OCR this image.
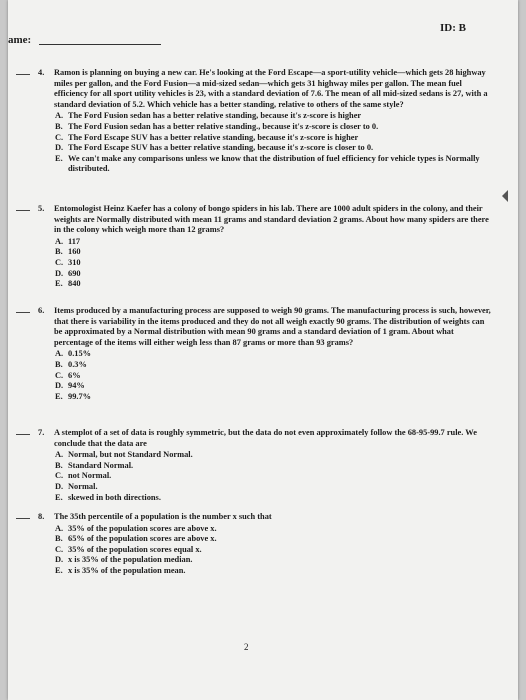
ame:
ID: B
4. Ramon is planning on buying a new car. He's looking at the Ford Escape—a sport-utility vehicle—which gets 28 highway miles per gallon, and the Ford Fusion—a mid-sized sedan—which gets 31 highway miles per gallon. The mean fuel efficiency for all sport utility vehicles is 23, with a standard deviation of 7.6. The mean of all mid-sized sedans is 27, with a standard deviation of 5.2. Which vehicle has a better standing, relative to others of the same style?
A. The Ford Fusion sedan has a better relative standing, because it's z-score is higher
B. The Ford Fusion sedan has a better relative standing., because it's z-score is closer to 0.
C. The Ford Escape SUV has a better relative standing, because it's z-score is higher
D. The Ford Escape SUV has a better relative standing, because it's z-score is closer to 0.
E. We can't make any comparisons unless we know that the distribution of fuel efficiency for vehicle types is Normally distributed.
5. Entomologist Heinz Kaefer has a colony of bongo spiders in his lab. There are 1000 adult spiders in the colony, and their weights are Normally distributed with mean 11 grams and standard deviation 2 grams. About how many spiders are there in the colony which weigh more than 12 grams?
A. 117
B. 160
C. 310
D. 690
E. 840
6. Items produced by a manufacturing process are supposed to weigh 90 grams. The manufacturing process is such, however, that there is variability in the items produced and they do not all weigh exactly 90 grams. The distribution of weights can be approximated by a Normal distribution with mean 90 grams and a standard deviation of 1 gram. About what percentage of the items will either weigh less than 87 grams or more than 93 grams?
A. 0.15%
B. 0.3%
C. 6%
D. 94%
E. 99.7%
7. A stemplot of a set of data is roughly symmetric, but the data do not even approximately follow the 68-95-99.7 rule. We conclude that the data are
A. Normal, but not Standard Normal.
B. Standard Normal.
C. not Normal.
D. Normal.
E. skewed in both directions.
8. The 35th percentile of a population is the number x such that
A. 35% of the population scores are above x.
B. 65% of the population scores are above x.
C. 35% of the population scores equal x.
D. x is 35% of the population median.
E. x is 35% of the population mean.
2
